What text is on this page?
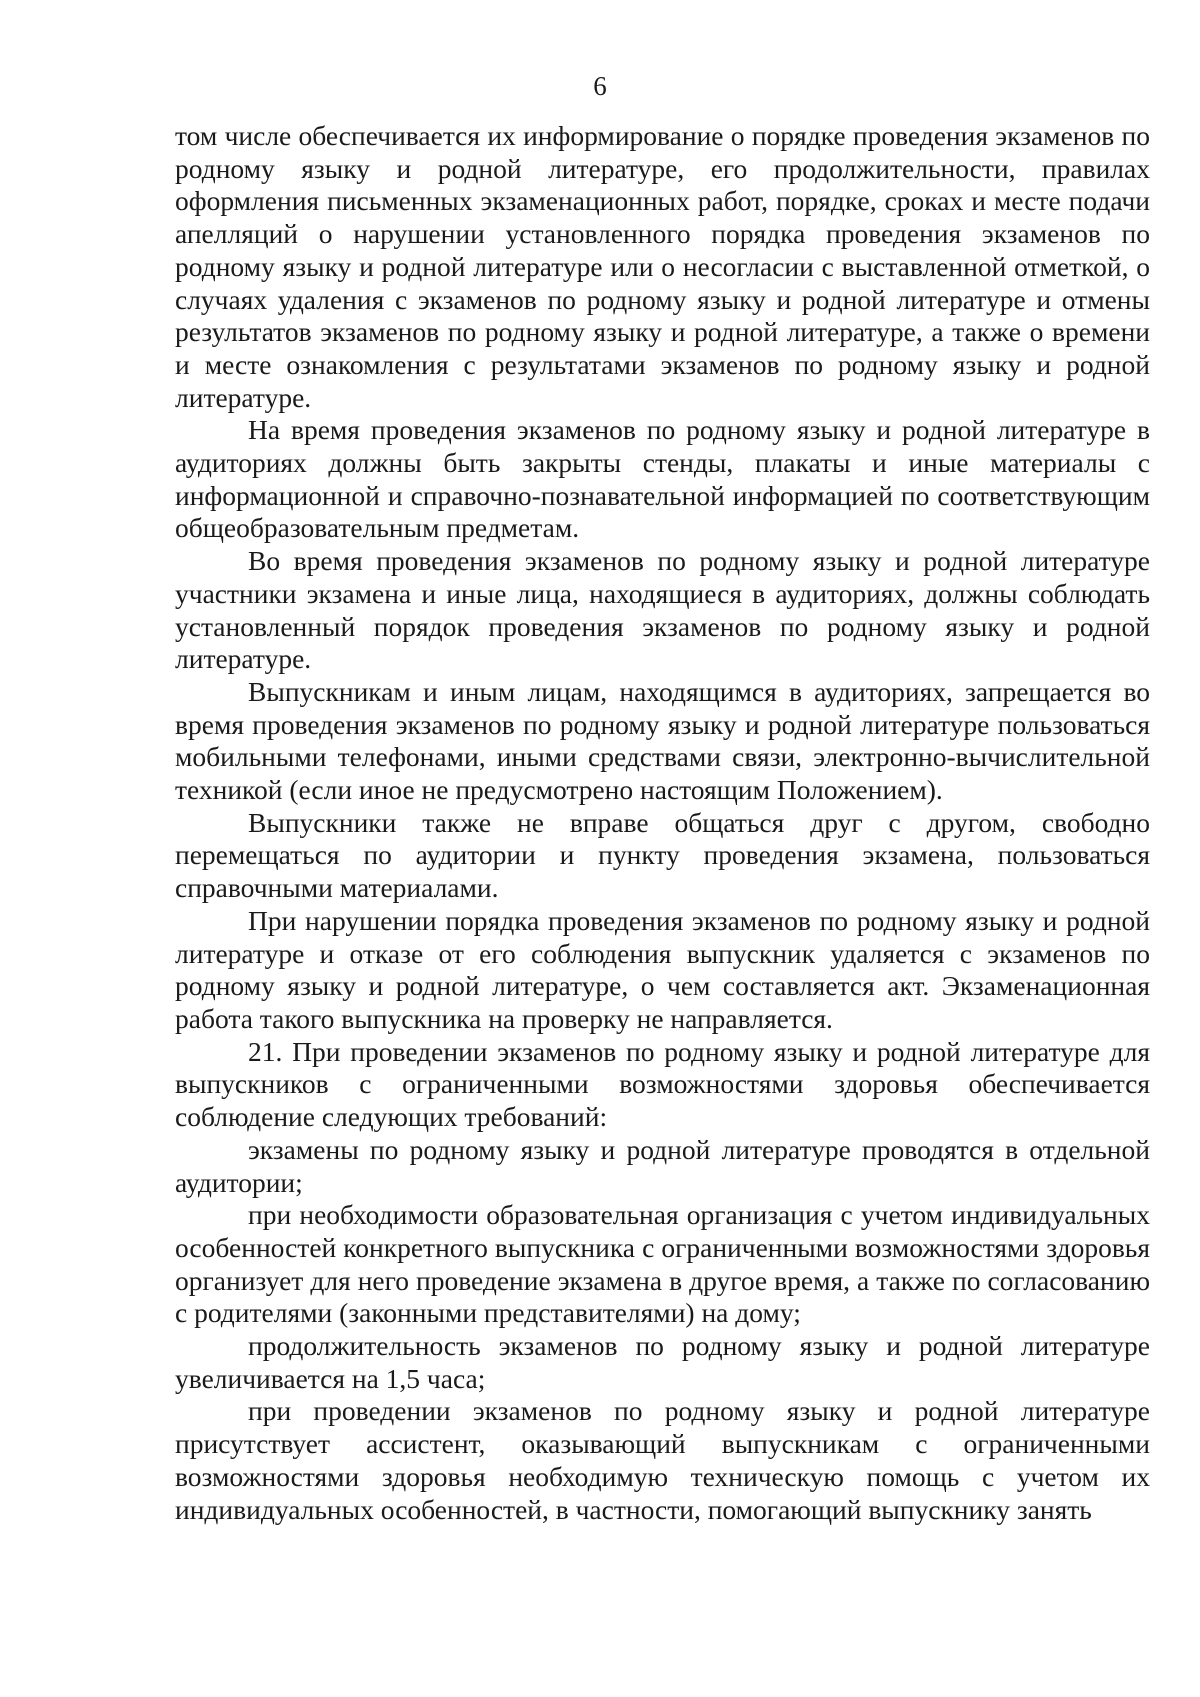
6

том числе обеспечивается их информирование о порядке проведения экзаменов по родному языку и родной литературе, его продолжительности, правилах оформления письменных экзаменационных работ, порядке, сроках и месте подачи апелляций о нарушении установленного порядка проведения экзаменов по родному языку и родной литературе или о несогласии с выставленной отметкой, о случаях удаления с экзаменов по родному языку и родной литературе и отмены результатов экзаменов по родному языку и родной литературе, а также о времени и месте ознакомления с результатами экзаменов по родному языку и родной литературе.

На время проведения экзаменов по родному языку и родной литературе в аудиториях должны быть закрыты стенды, плакаты и иные материалы с информационной и справочно-познавательной информацией по соответствующим общеобразовательным предметам.

Во время проведения экзаменов по родному языку и родной литературе участники экзамена и иные лица, находящиеся в аудиториях, должны соблюдать установленный порядок проведения экзаменов по родному языку и родной литературе.

Выпускникам и иным лицам, находящимся в аудиториях, запрещается во время проведения экзаменов по родному языку и родной литературе пользоваться мобильными телефонами, иными средствами связи, электронно-вычислительной техникой (если иное не предусмотрено настоящим Положением).

Выпускники также не вправе общаться друг с другом, свободно перемещаться по аудитории и пункту проведения экзамена, пользоваться справочными материалами.

При нарушении порядка проведения экзаменов по родному языку и родной литературе и отказе от его соблюдения выпускник удаляется с экзаменов по родному языку и родной литературе, о чем составляется акт. Экзаменационная работа такого выпускника на проверку не направляется.

21. При проведении экзаменов по родному языку и родной литературе для выпускников с ограниченными возможностями здоровья обеспечивается соблюдение следующих требований:

экзамены по родному языку и родной литературе проводятся в отдельной аудитории;

при необходимости образовательная организация с учетом индивидуальных особенностей конкретного выпускника с ограниченными возможностями здоровья организует для него проведение экзамена в другое время, а также по согласованию с родителями (законными представителями) на дому;

продолжительность экзаменов по родному языку и родной литературе увеличивается на 1,5 часа;

при проведении экзаменов по родному языку и родной литературе присутствует ассистент, оказывающий выпускникам с ограниченными возможностями здоровья необходимую техническую помощь с учетом их индивидуальных особенностей, в частности, помогающий выпускнику занять
